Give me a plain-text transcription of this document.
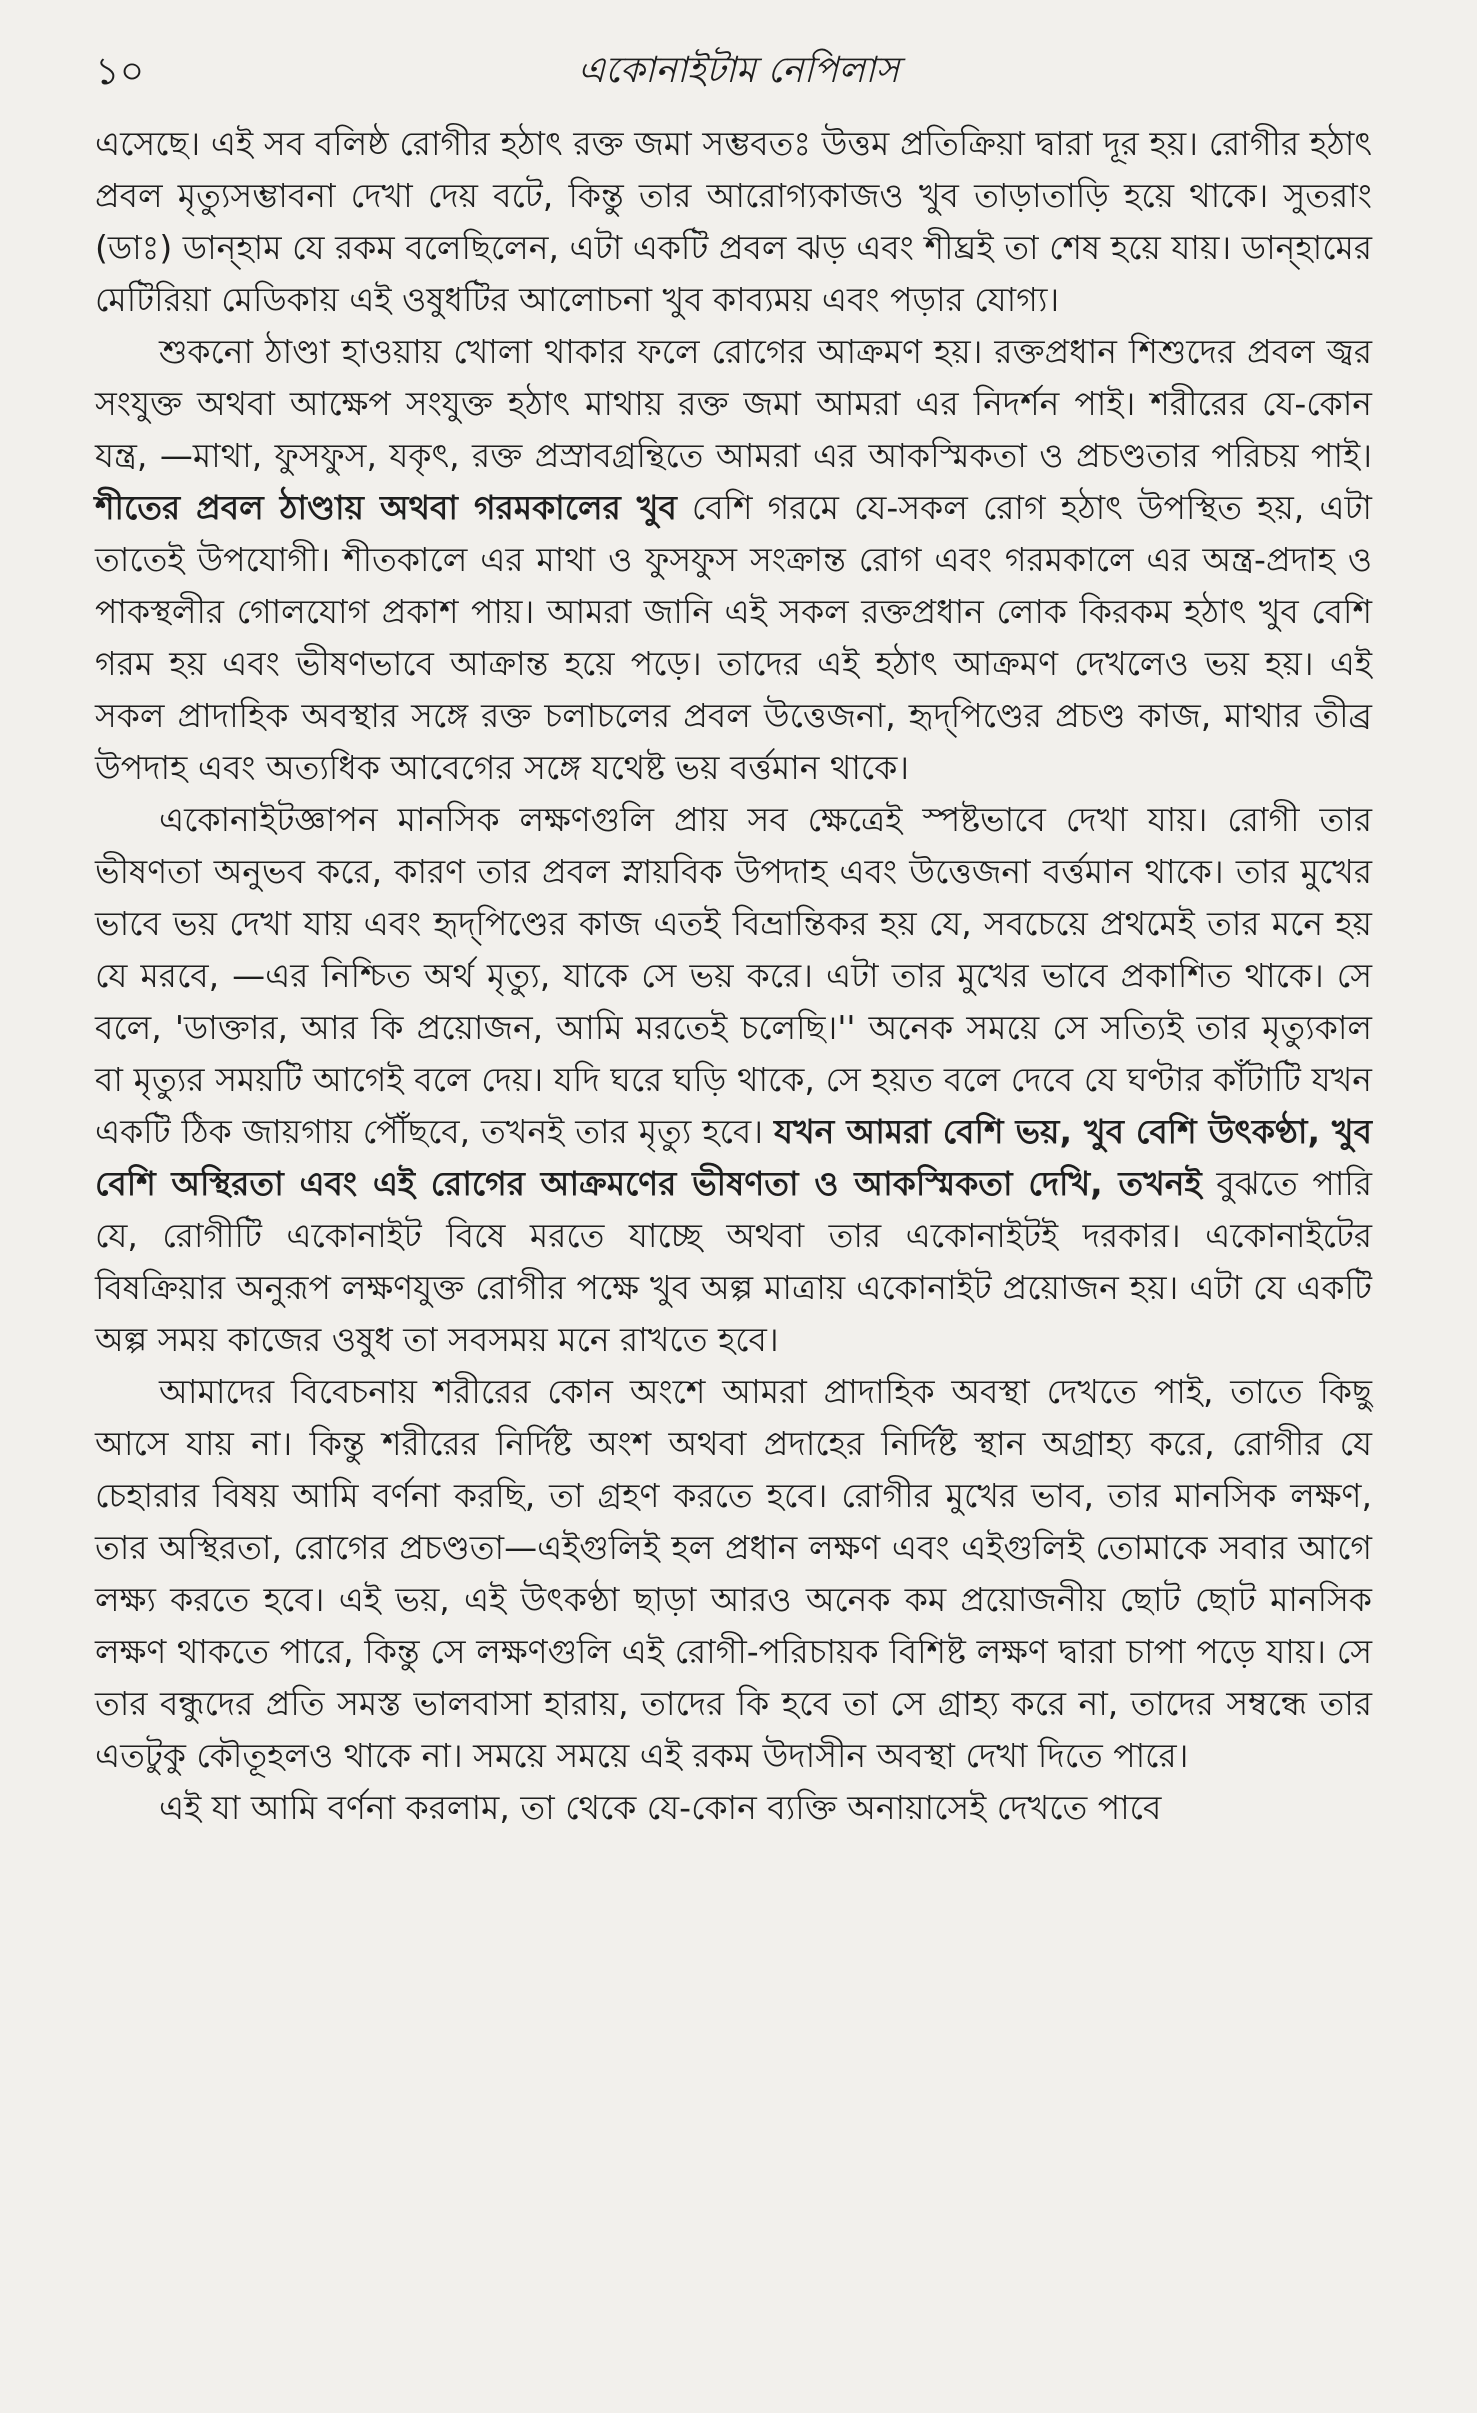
১০	একোনাইটাম নেপিলাস

এসেছে। এই সব বলিষ্ঠ রোগীর হঠাৎ রক্ত জমা সম্ভবতঃ উত্তম প্রতিক্রিয়া দ্বারা দূর হয়। রোগীর হঠাৎ প্রবল মৃত্যুসম্ভাবনা দেখা দেয় বটে, কিন্তু তার আরোগ্যকাজও খুব তাড়াতাড়ি হয়ে থাকে। সুতরাং (ডাঃ) ডান্‌হাম যে রকম বলেছিলেন, এটা একটি প্রবল ঝড় এবং শীঘ্রই তা শেষ হয়ে যায়। ডান্‌হামের মেটিরিয়া মেডিকায় এই ওষুধটির আলোচনা খুব কাব্যময় এবং পড়ার যোগ্য।

শুকনো ঠাণ্ডা হাওয়ায় খোলা থাকার ফলে রোগের আক্রমণ হয়। রক্তপ্রধান শিশুদের প্রবল জ্বর সংযুক্ত অথবা আক্ষেপ সংযুক্ত হঠাৎ মাথায় রক্ত জমা আমরা এর নিদর্শন পাই। শরীরের যে-কোন যন্ত্র, —মাথা, ফুসফুস, যকৃৎ, রক্ত প্রস্রাবগ্রন্থিতে আমরা এর আকস্মিকতা ও প্রচণ্ডতার পরিচয় পাই। শীতের প্রবল ঠাণ্ডায় অথবা গরমকালের খুব বেশি গরমে যে-সকল রোগ হঠাৎ উপস্থিত হয়, এটা তাতেই উপযোগী। শীতকালে এর মাথা ও ফুসফুস সংক্রান্ত রোগ এবং গরমকালে এর অন্ত্র-প্রদাহ ও পাকস্থলীর গোলযোগ প্রকাশ পায়। আমরা জানি এই সকল রক্তপ্রধান লোক কিরকম হঠাৎ খুব বেশি গরম হয় এবং ভীষণভাবে আক্রান্ত হয়ে পড়ে। তাদের এই হঠাৎ আক্রমণ দেখলেও ভয় হয়। এই সকল প্রাদাহিক অবস্থার সঙ্গে রক্ত চলাচলের প্রবল উত্তেজনা, হৃদ্‌পিণ্ডের প্রচণ্ড কাজ, মাথার তীব্র উপদাহ এবং অত্যধিক আবেগের সঙ্গে যথেষ্ট ভয় বর্ত্তমান থাকে।

একোনাইটজ্ঞাপন মানসিক লক্ষণগুলি প্রায় সব ক্ষেত্রেই স্পষ্টভাবে দেখা যায়। রোগী তার ভীষণতা অনুভব করে, কারণ তার প্রবল স্নায়বিক উপদাহ এবং উত্তেজনা বর্ত্তমান থাকে। তার মুখের ভাবে ভয় দেখা যায় এবং হৃদ্‌পিণ্ডের কাজ এতই বিভ্রান্তিকর হয় যে, সবচেয়ে প্রথমেই তার মনে হয় যে মরবে, —এর নিশ্চিত অর্থ মৃত্যু, যাকে সে ভয় করে। এটা তার মুখের ভাবে প্রকাশিত থাকে। সে বলে, 'ডাক্তার, আর কি প্রয়োজন, আমি মরতেই চলেছি।'' অনেক সময়ে সে সত্যিই তার মৃত্যুকাল বা মৃত্যুর সময়টি আগেই বলে দেয়। যদি ঘরে ঘড়ি থাকে, সে হয়ত বলে দেবে যে ঘণ্টার কাঁটাটি যখন একটি ঠিক জায়গায় পৌঁছবে, তখনই তার মৃত্যু হবে। যখন আমরা বেশি ভয়, খুব বেশি উৎকণ্ঠা, খুব বেশি অস্থিরতা এবং এই রোগের আক্রমণের ভীষণতা ও আকস্মিকতা দেখি, তখনই বুঝতে পারি যে, রোগীটি একোনাইট বিষে মরতে যাচ্ছে অথবা তার একোনাইটই দরকার। একোনাইটের বিষক্রিয়ার অনুরূপ লক্ষণযুক্ত রোগীর পক্ষে খুব অল্প মাত্রায় একোনাইট প্রয়োজন হয়। এটা যে একটি অল্প সময় কাজের ওষুধ তা সবসময় মনে রাখতে হবে।

আমাদের বিবেচনায় শরীরের কোন অংশে আমরা প্রাদাহিক অবস্থা দেখতে পাই, তাতে কিছু আসে যায় না। কিন্তু শরীরের নির্দিষ্ট অংশ অথবা প্রদাহের নির্দিষ্ট স্থান অগ্রাহ্য করে, রোগীর যে চেহারার বিষয় আমি বর্ণনা করছি, তা গ্রহণ করতে হবে। রোগীর মুখের ভাব, তার মানসিক লক্ষণ, তার অস্থিরতা, রোগের প্রচণ্ডতা—এইগুলিই হল প্রধান লক্ষণ এবং এইগুলিই তোমাকে সবার আগে লক্ষ্য করতে হবে। এই ভয়, এই উৎকণ্ঠা ছাড়া আরও অনেক কম প্রয়োজনীয় ছোট ছোট মানসিক লক্ষণ থাকতে পারে, কিন্তু সে লক্ষণগুলি এই রোগী-পরিচায়ক বিশিষ্ট লক্ষণ দ্বারা চাপা পড়ে যায়। সে তার বন্ধুদের প্রতি সমস্ত ভালবাসা হারায়, তাদের কি হবে তা সে গ্রাহ্য করে না, তাদের সম্বন্ধে তার এতটুকু কৌতূহলও থাকে না। সময়ে সময়ে এই রকম উদাসীন অবস্থা দেখা দিতে পারে।

এই যা আমি বর্ণনা করলাম, তা থেকে যে-কোন ব্যক্তি অনায়াসেই দেখতে পাবে
